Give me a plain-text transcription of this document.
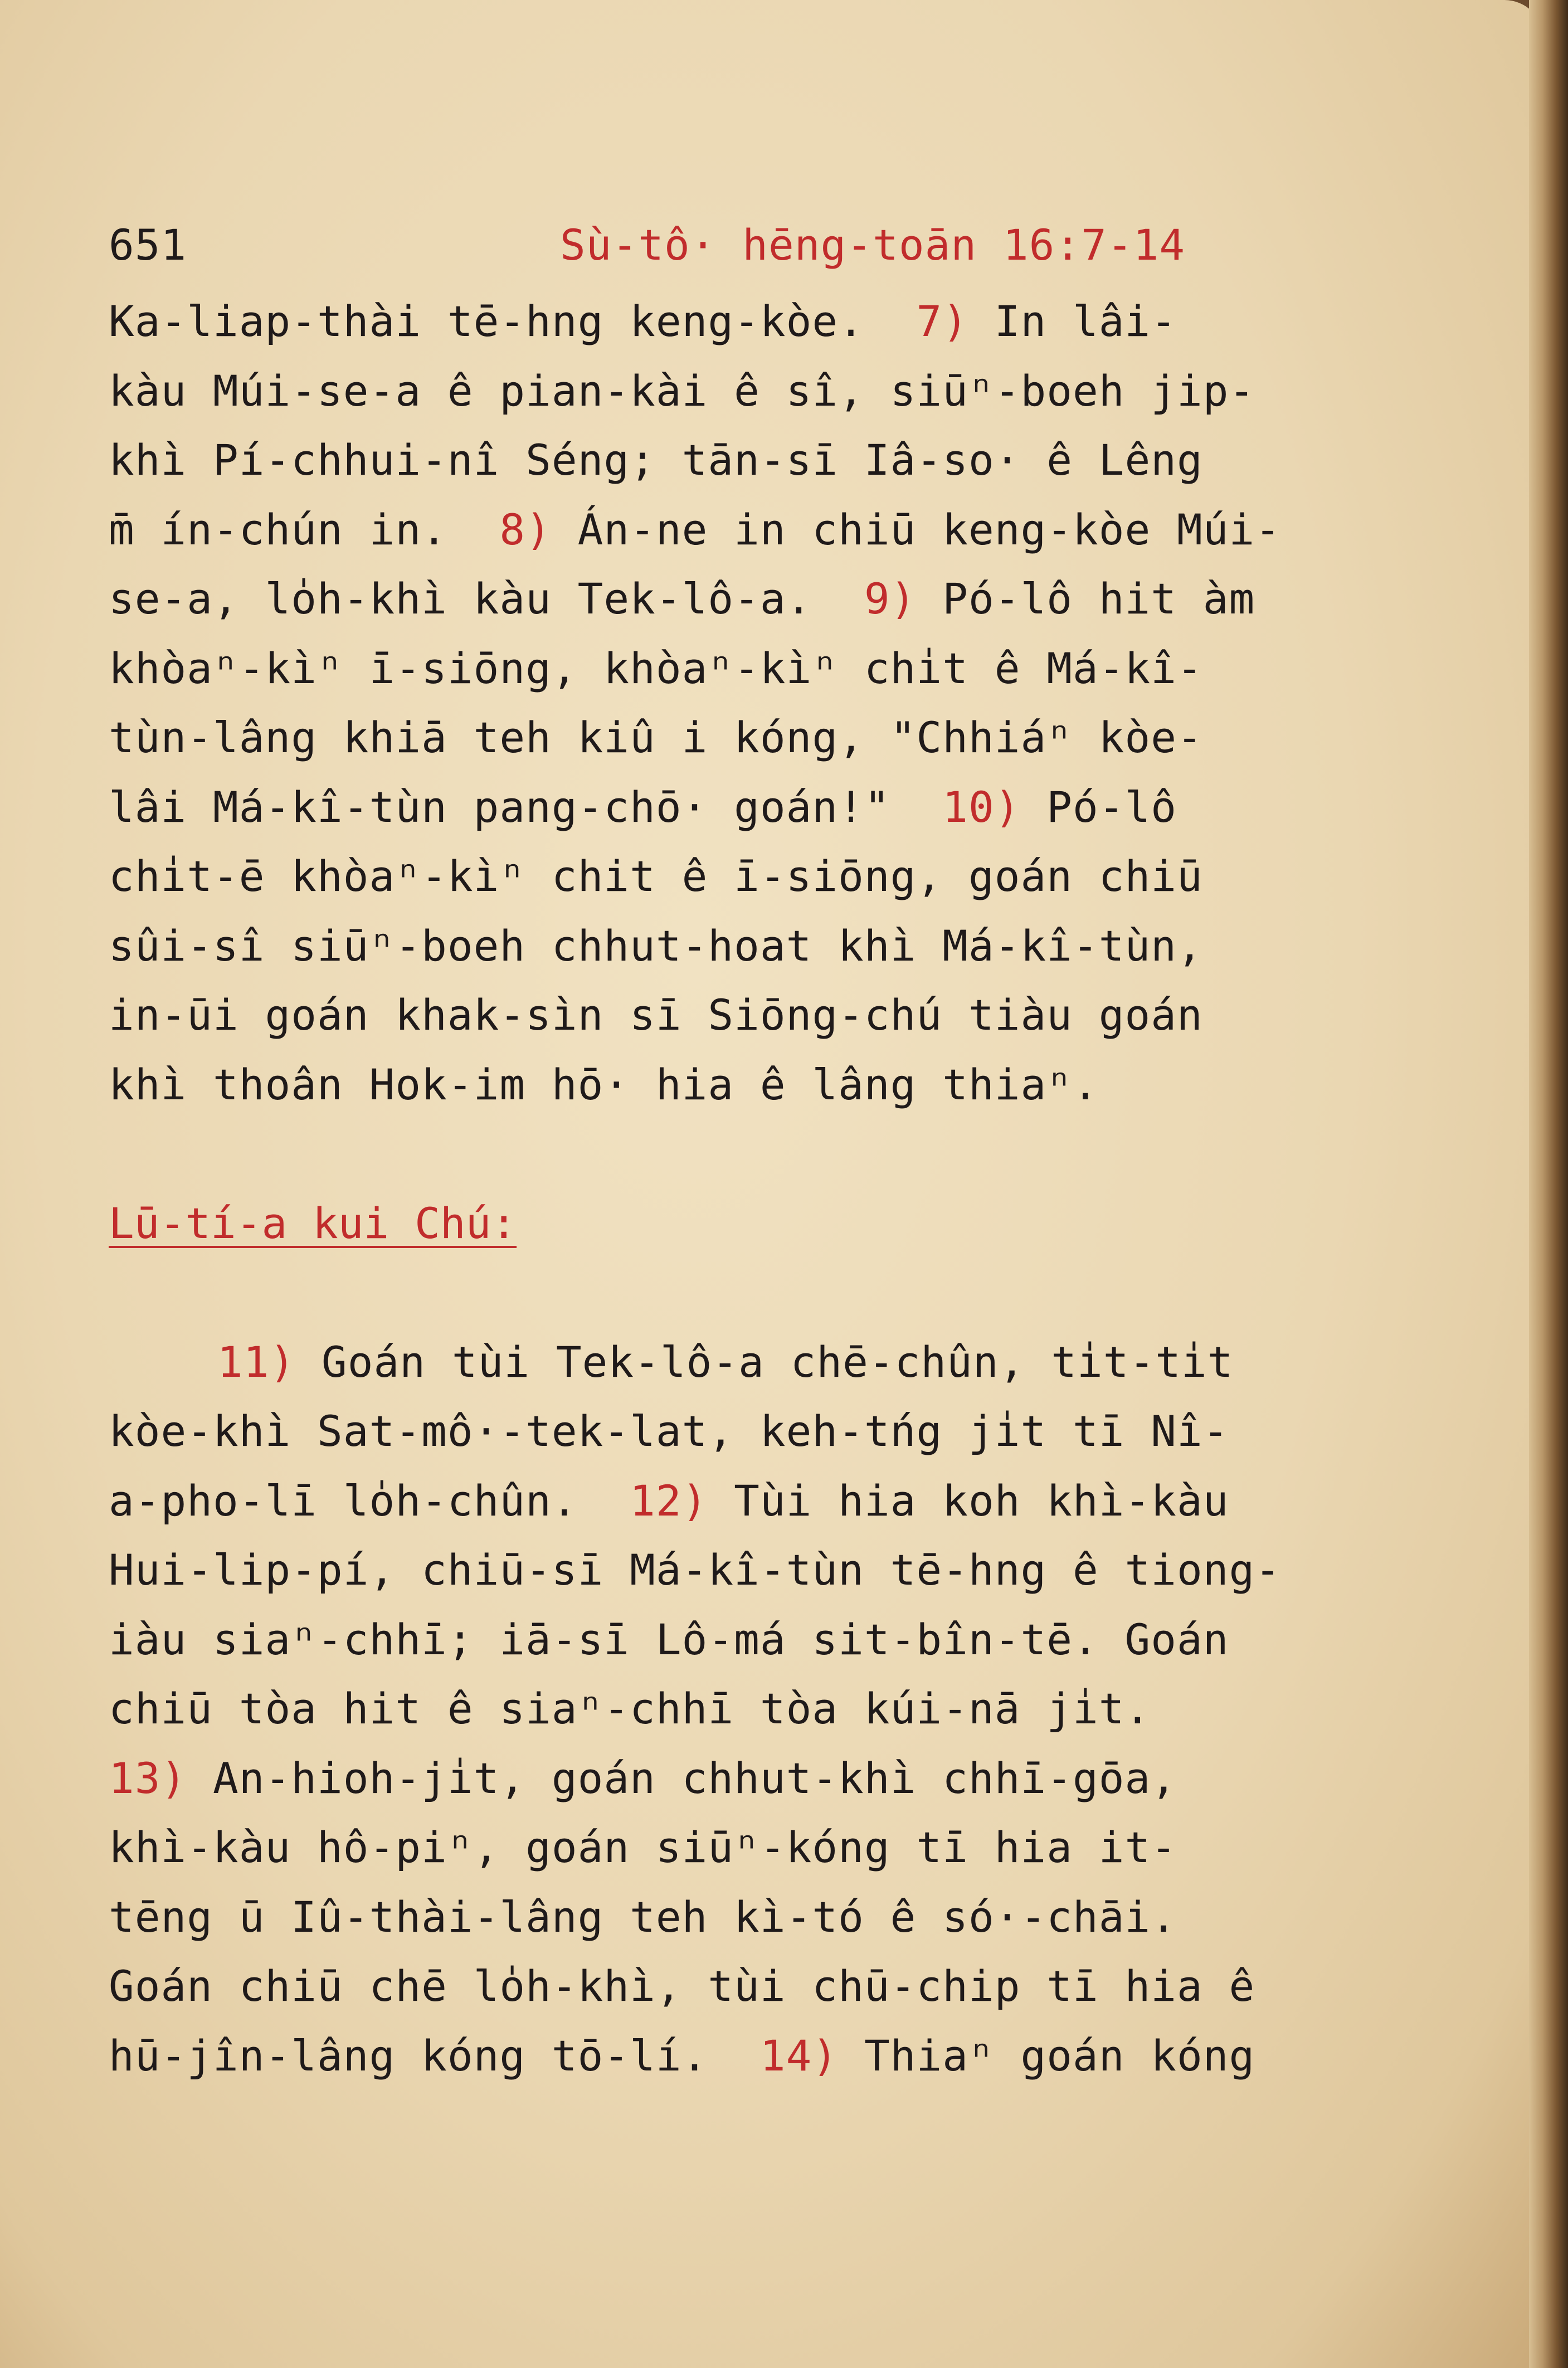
651	Sù-tô· hēng-toān 16:7-14
Ka-liap-thài tē-hng keng-kòe.  7) In lâi-
kàu Múi-se-a ê pian-kài ê sî, siūⁿ-boeh jip-
khì Pí-chhui-nî Séng; tān-sī Iâ-so· ê Lêng
m̄ ín-chún in.  8) Án-ne in chiū keng-kòe Múi-
se-a, lo̍h-khì kàu Tek-lô-a.  9) Pó-lô hit àm
khòaⁿ-kìⁿ ī-siōng, khòaⁿ-kìⁿ chi̍t ê Má-kî-
tùn-lâng khiā teh kiû i kóng, "Chhiáⁿ kòe-
lâi Má-kî-tùn pang-chō· goán!"  10) Pó-lô
chi̍t-ē khòaⁿ-kìⁿ chit ê ī-siōng, goán chiū
sûi-sî siūⁿ-boeh chhut-hoat khì Má-kî-tùn,
in-ūi goán khak-sìn sī Siōng-chú tiàu goán
khì thoân Hok-im hō· hia ê lâng thiaⁿ.
Lū-tí-a kui Chú:
11) Goán tùi Tek-lô-a chē-chûn, ti̍t-ti̍t
kòe-khì Sat-mô·-tek-lat, keh-tńg ji̍t tī Nî-
a-pho-lī lo̍h-chûn.  12) Tùi hia koh khì-kàu
Hui-lip-pí, chiū-sī Má-kî-tùn tē-hng ê tiong-
iàu siaⁿ-chhī; iā-sī Lô-má sit-bîn-tē. Goán
chiū tòa hit ê siaⁿ-chhī tòa kúi-nā ji̍t.
13) An-hioh-ji̍t, goán chhut-khì chhī-gōa,
khì-kàu hô-piⁿ, goán siūⁿ-kóng tī hia it-
tēng ū Iû-thài-lâng teh kì-tó ê só·-chāi.
Goán chiū chē lo̍h-khì, tùi chū-chip tī hia ê
hū-jîn-lâng kóng tō-lí.  14) Thiaⁿ goán kóng
